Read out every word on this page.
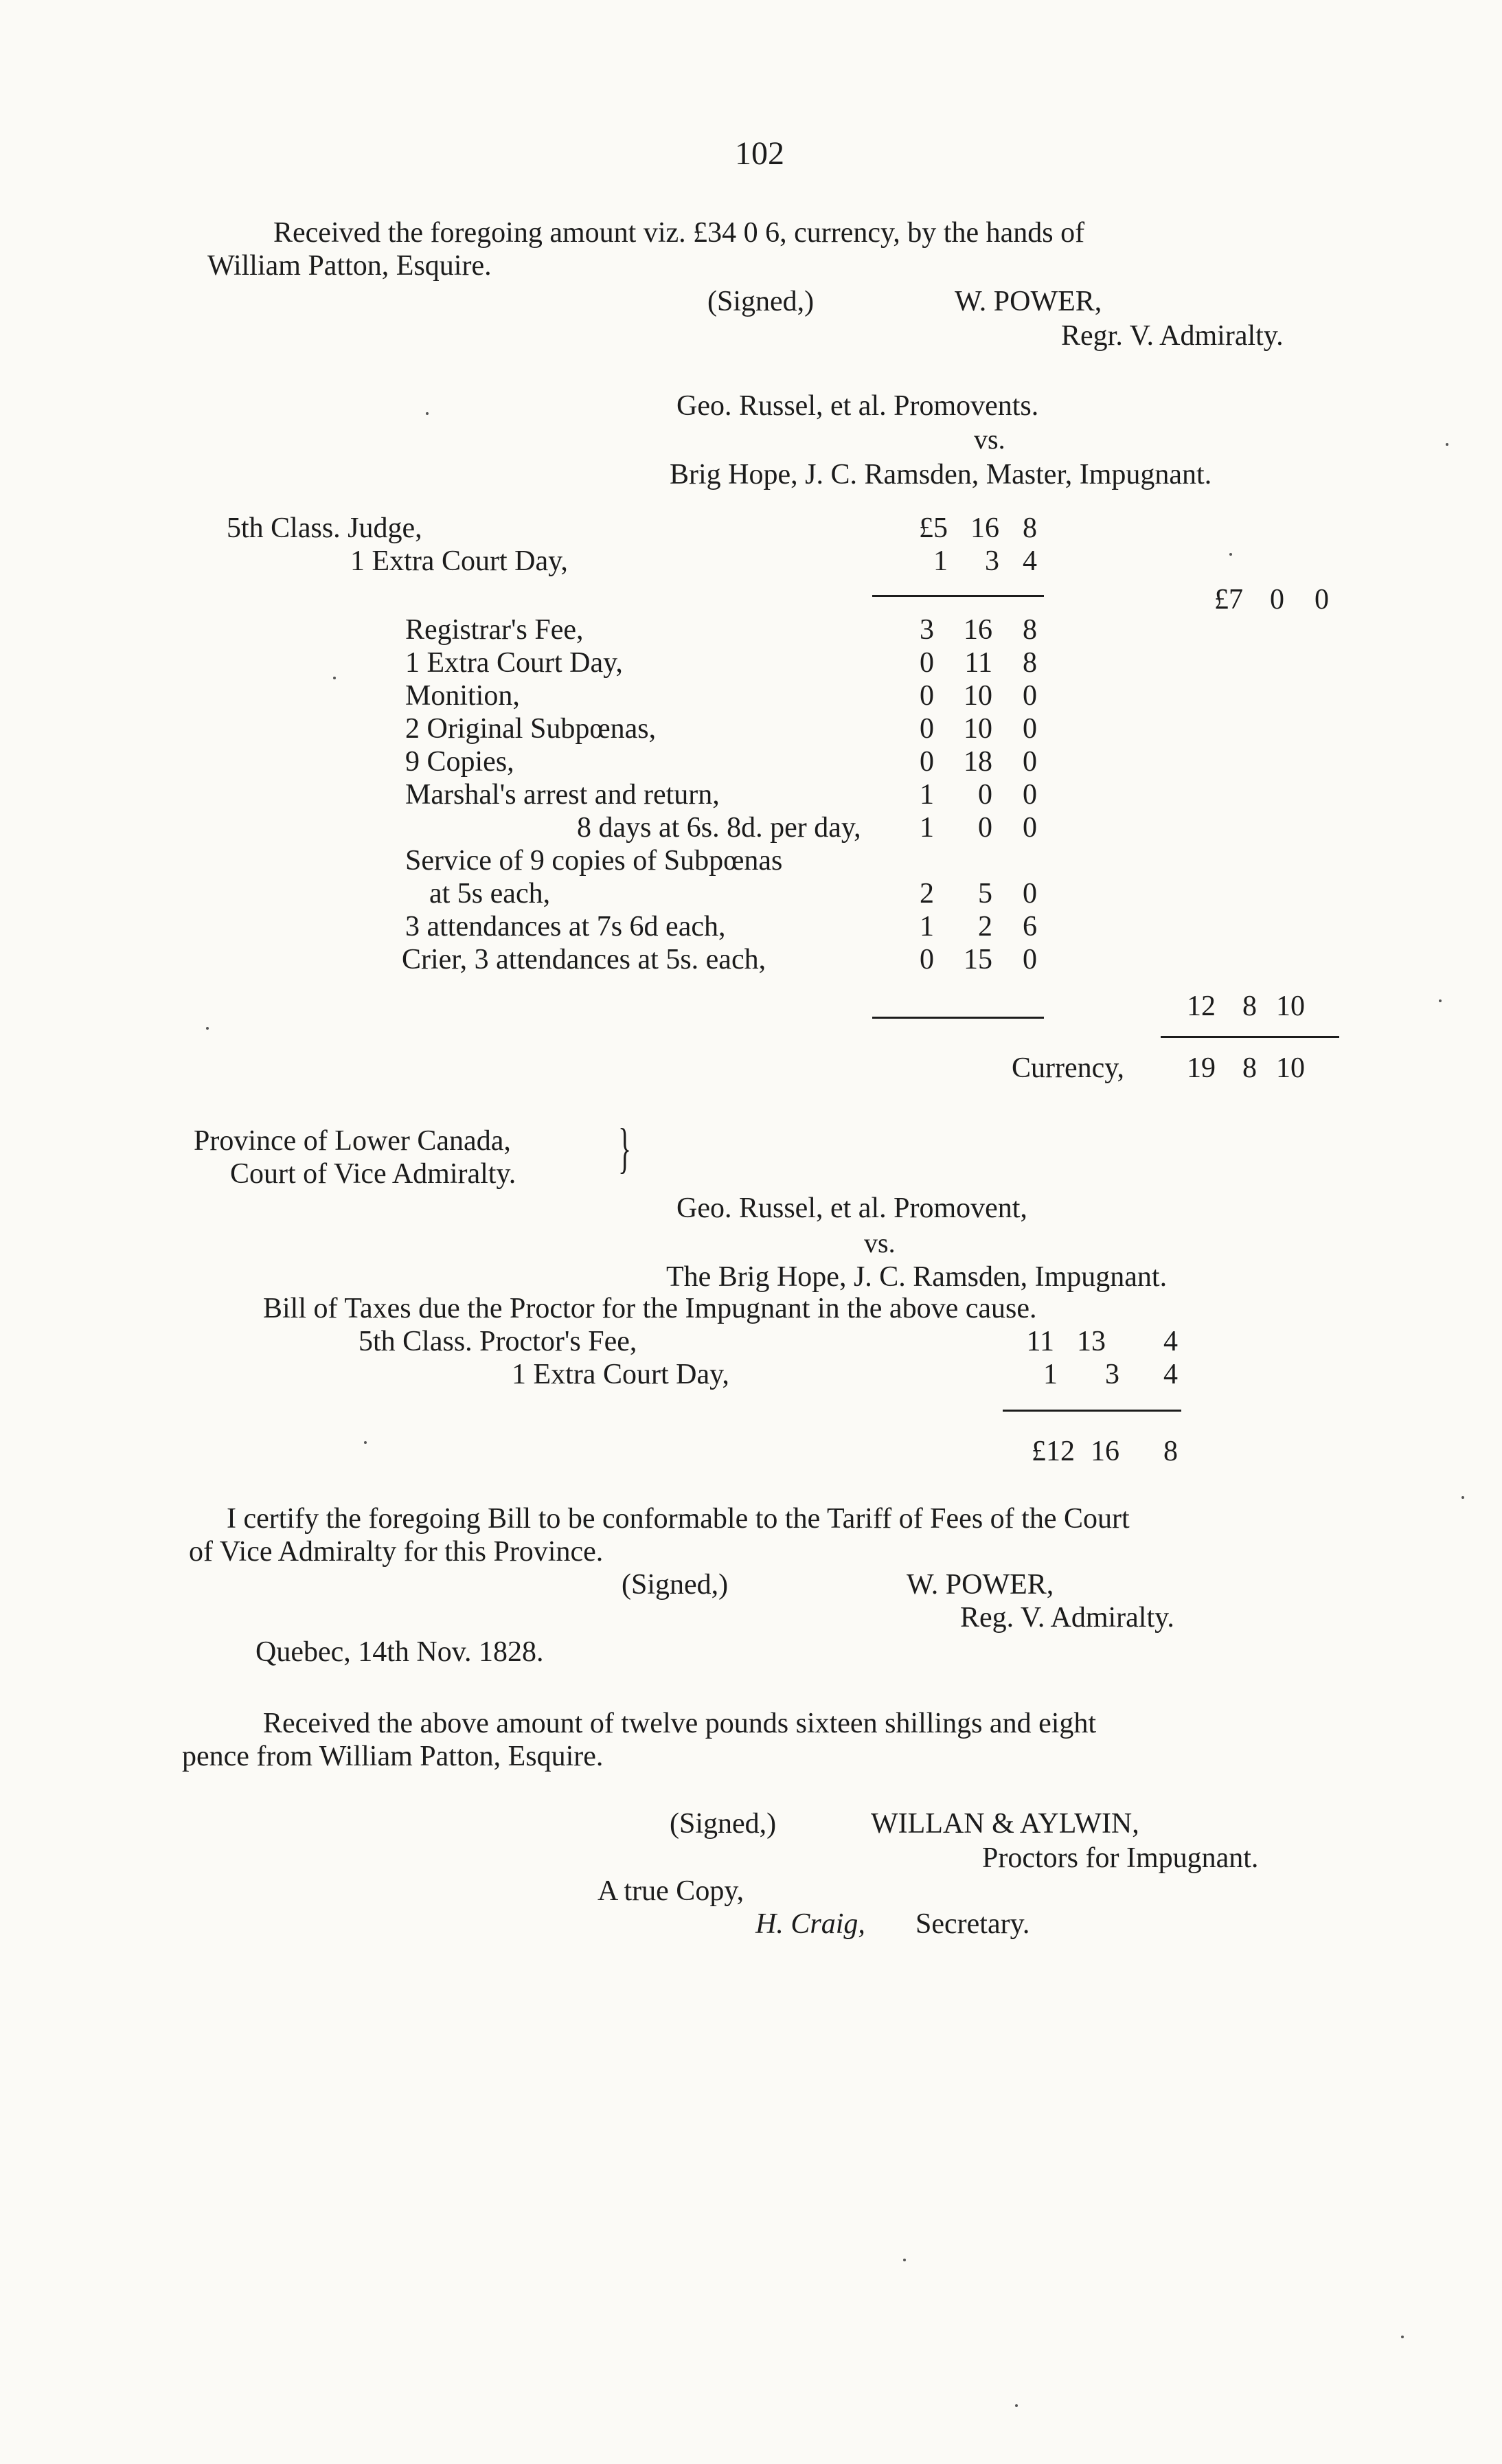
102
Received the foregoing amount viz. £34 0 6, currency, by the hands of
William Patton, Esquire.
(Signed,)	W. POWER,
Regr. V. Admiralty.
Geo. Russel, et al. Promovents.
vs.
Brig Hope, J. C. Ramsden, Master, Impugnant.
5th Class. Judge,	£5 16 8
1 Extra Court Day,	1	3 4
£7 0	0
Registrar's Fee,	3	16	8
1 Extra Court Day,	0	11	8
Monition,	0	10	0
2 Original Subpœnas,	0	10	0
9 Copies,	0	18	0
Marshal's arrest and return,	1	0	0
8 days at 6s. 8d. per day,	1	0	0
Service of 9 copies of Subpœnas
at 5s each,	2	5	0
3 attendances at 7s 6d each,	1	2	6
Crier, 3 attendances at 5s. each,	0	15	0
12 8 10
Currency,	19 8 10
Province of Lower Canada,
Court of Vice Admiralty. }
Geo. Russel, et al. Promovent,
vs.
The Brig Hope, J. C. Ramsden, Impugnant.
Bill of Taxes due the Proctor for the Impugnant in the above cause.
5th Class. Proctor's Fee,	11 13	4
1 Extra Court Day,	1	3	4
£12 16	8
I certify the foregoing Bill to be conformable to the Tariff of Fees of the Court
of Vice Admiralty for this Province.
(Signed,)	W. POWER,
Reg. V. Admiralty.
Quebec, 14th Nov. 1828.
Received the above amount of twelve pounds sixteen shillings and eight
pence from William Patton, Esquire.
(Signed,)	WILLAN & AYLWIN,
Proctors for Impugnant.
A true Copy,
H. Craig, Secretary.
